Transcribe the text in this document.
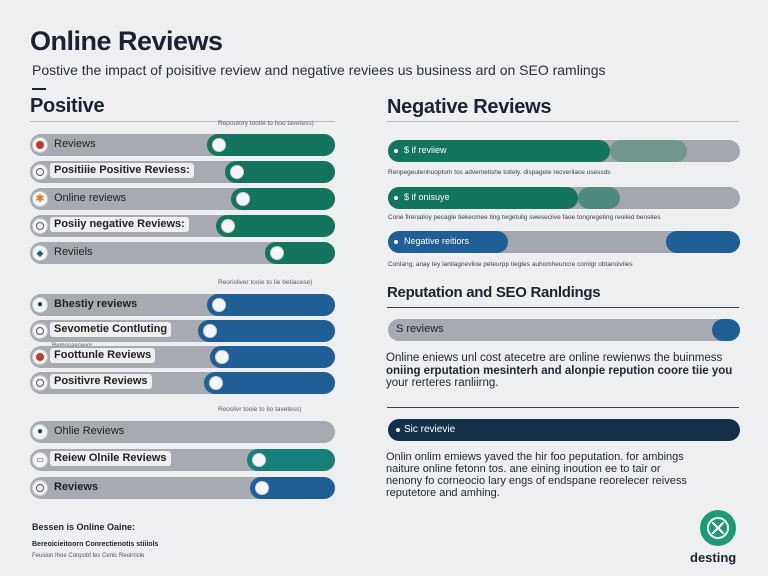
Online Reviews
Postive the impact of poisitive review and negative reviees us business ard on SEO ramlings
Positive
Repoutory tootie to hoo tavetess)
Reviews
Positiiie Positive Reviess:
✱ Online reviews
Posiiy negative Reviews:
◆ Reviiels
Reorisliver tooie to Iie betiacese)
● Bhestiy reviews
Sevometie Contluting
Foottunle Reviews
Positivre Reviews
Reoslivr tooie to Iio tavetess)
● Ohlie Reviews
▭ Reiew Olnile Reviews
Reviews
Bessen is Online Oaine:
Bereoicieitoorn Conrectienotis stiiiols
Feusion Ihoe Conpobt les Cenic Reoirricle
Negative Reviews
$ if reviiew
$ if onisuye
Negative reitiors
Renpegeutenhuoptom tos advemetishe toitely. dispagete recverilace usessds
Cone firenatioy pecagle tiekecmee ting twgetulig sweseciive faoe tongregeting reoiled bensites
Conlang; anay tey lanilagnevlioe peteurpp tiegtes auhomheuncre comlgr obtanoiviies
Reputation and SEO Ranldings
S reviews
Online eniews unl cost atecetre are online rewienws the buinmess
oniing erputation mesinterh and alonpie repution coore tiie you
your rerteres ranliirng.
Sic revievie
Onlin onlim emiews yaved the hir foo peputation. for ambings
naiture online fetonn tos. ane eining inoution ee to tair or
nenony fo corneocio lary engs of endspane reorelecer reivess
reputetore and amhing.
desting
